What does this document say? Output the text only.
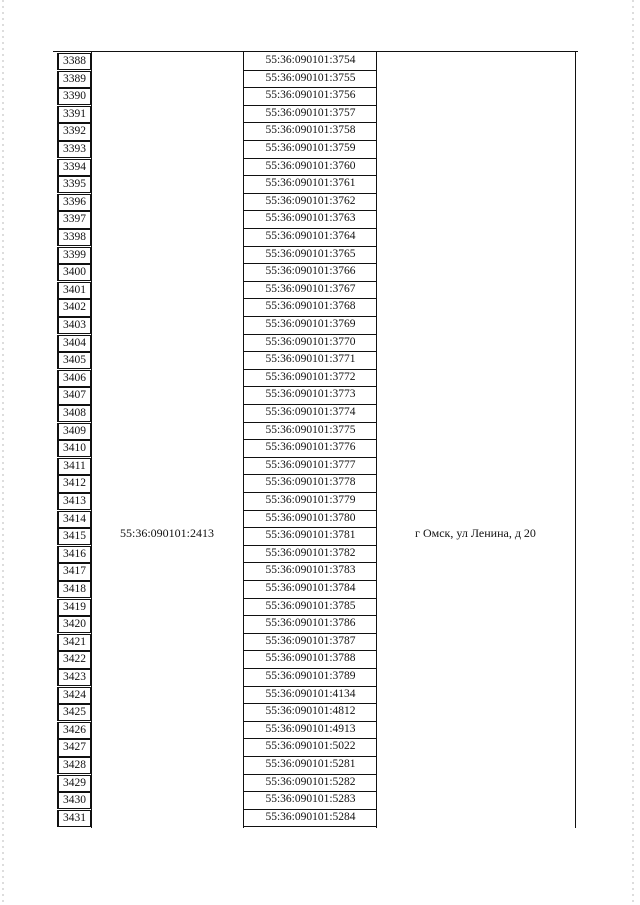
3388	55:36:090101:3754
3389	55:36:090101:3755
3390	55:36:090101:3756
3391	55:36:090101:3757
3392	55:36:090101:3758
3393	55:36:090101:3759
3394	55:36:090101:3760
3395	55:36:090101:3761
3396	55:36:090101:3762
3397	55:36:090101:3763
3398	55:36:090101:3764
3399	55:36:090101:3765
3400	55:36:090101:3766
3401	55:36:090101:3767
3402	55:36:090101:3768
3403	55:36:090101:3769
3404	55:36:090101:3770
3405	55:36:090101:3771
3406	55:36:090101:3772
3407	55:36:090101:3773
3408	55:36:090101:3774
3409	55:36:090101:3775
3410	55:36:090101:3776
3411	55:36:090101:3777
3412	55:36:090101:3778
3413	55:36:090101:3779
3414	55:36:090101:3780
3415	55:36:090101:3781
3416	55:36:090101:3782
3417	55:36:090101:3783
3418	55:36:090101:3784
3419	55:36:090101:3785
3420	55:36:090101:3786
3421	55:36:090101:3787
3422	55:36:090101:3788
3423	55:36:090101:3789
3424	55:36:090101:4134
3425	55:36:090101:4812
3426	55:36:090101:4913
3427	55:36:090101:5022
3428	55:36:090101:5281
3429	55:36:090101:5282
3430	55:36:090101:5283
3431	55:36:090101:5284
55:36:090101:2413	г Омск, ул Ленина, д 20
